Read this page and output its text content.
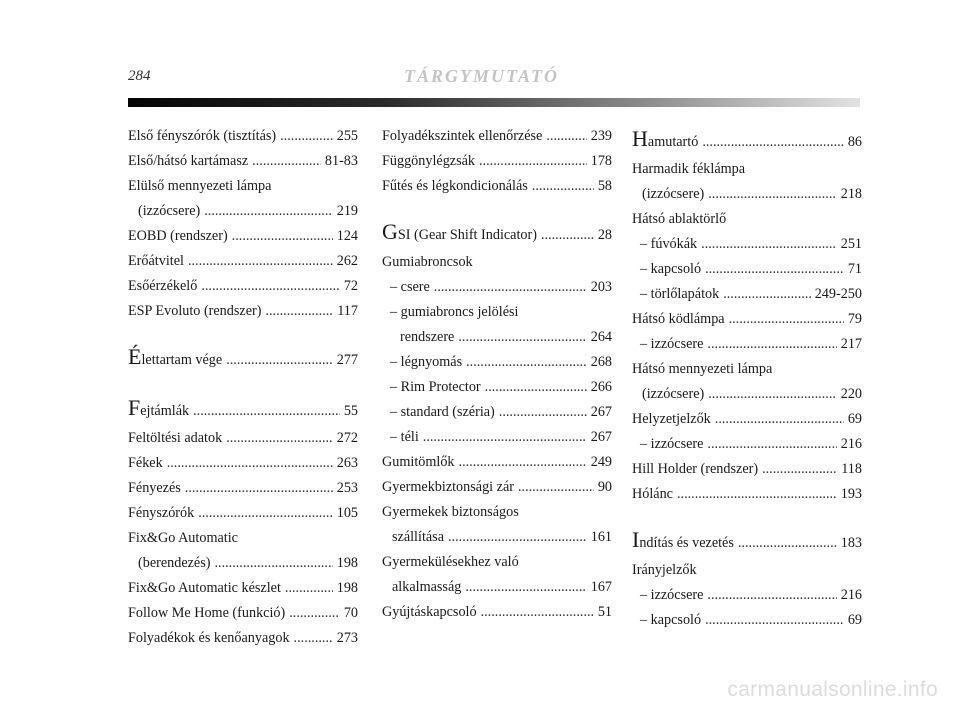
284	TÁRGYMUTATÓ
Első fényszórók (tisztítás) .....	255
Első/hátsó kartámasz .....	81-83
Elülső mennyezeti lámpa
(izzócsere) .....	219
EOBD (rendszer) .....	124
Erőátvitel .....	262
Esőérzékelő .....	72
ESP Evoluto (rendszer) .....	117
Élettartam vége .....	277
Fejtámlák .....	55
Feltöltési adatok .....	272
Fékek .....	263
Fényezés .....	253
Fényszórók .....	105
Fix&Go Automatic
(berendezés) .....	198
Fix&Go Automatic készlet .....	198
Follow Me Home (funkció) .....	70
Folyadékok és kenőanyagok .....	273
Folyadékszintek ellenőrzése .....	239
Függönylégzsák .....	178
Fűtés és légkondicionálás .....	58
GSI (Gear Shift Indicator) .....	28
Gumiabroncsok
– csere .....	203
– gumiabroncs jelölési
rendszere .....	264
– légnyomás .....	268
– Rim Protector .....	266
– standard (széria) .....	267
– téli .....	267
Gumitömlők .....	249
Gyermekbiztonsági zár .....	90
Gyermekek biztonságos
szállítása .....	161
Gyermekülésekhez való
alkalmasság .....	167
Gyújtáskapcsoló .....	51
Hamutartó .....	86
Harmadik féklámpa
(izzócsere) .....	218
Hátsó ablaktörlő
– fúvókák .....	251
– kapcsoló .....	71
– törlőlapátok .....	249-250
Hátsó ködlámpa .....	79
– izzócsere .....	217
Hátsó mennyezeti lámpa
(izzócsere) .....	220
Helyzetjelzők .....	69
– izzócsere .....	216
Hill Holder (rendszer) .....	118
Hólánc .....	193
Indítás és vezetés .....	183
Irányjelzők
– izzócsere .....	216
– kapcsoló .....	69
carmanualsonline.info
